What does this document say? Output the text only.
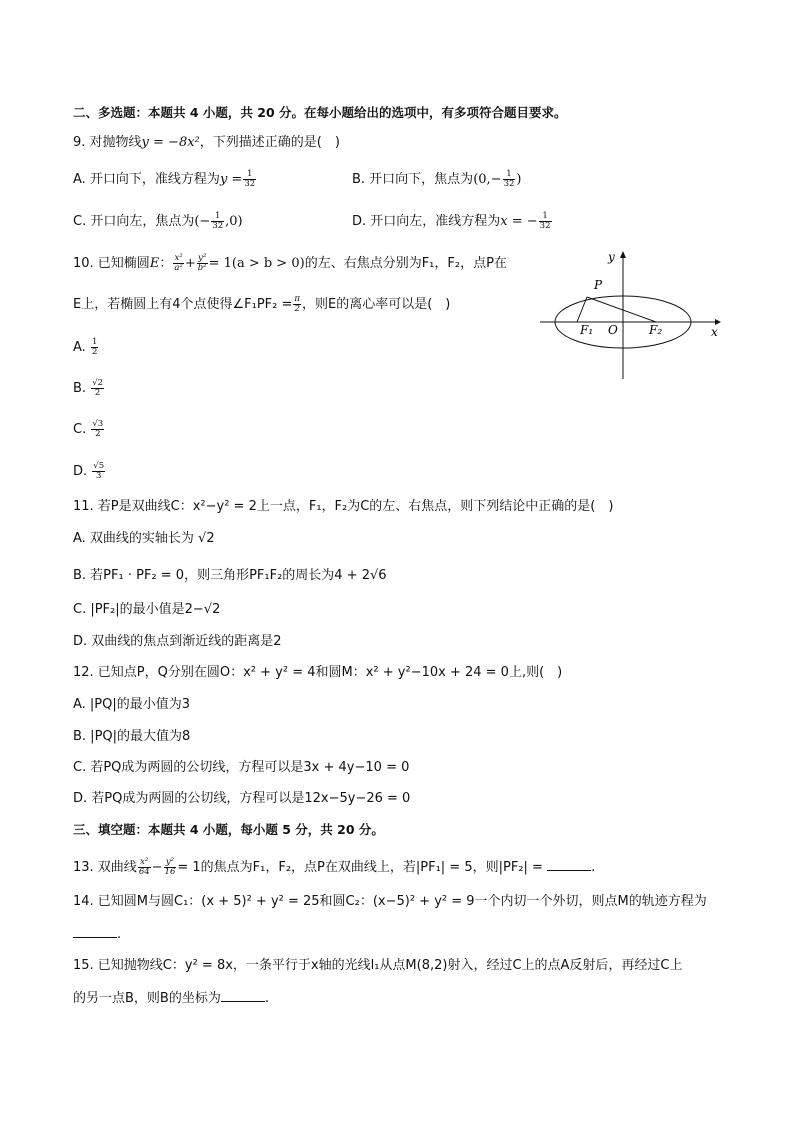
二、多选题：本题共 4 小题，共 20 分。在每小题给出的选项中，有多项符合题目要求。
9. 对抛物线y = −8x²，下列描述正确的是(　)
A. 开口向下，准线方程为$y = \frac{1}{32}$	B. 开口向下，焦点为($0,- \frac{1}{32}$ )
C. 开口向左，焦点为(− $\frac{1}{32} ,0$)	D. 开口向左，准线方程为x = − $\frac{1}{32}$
10. 已知椭圆E： $\frac{\text{x²}}{\text{a²}} + \frac{\text{y²}}{\text{b²}} = 1(a > b > 0)$的左、右焦点分别为F₁，F₂，点P在
E上，若椭圆上有4个点使得∠F₁PF₂ = $\frac{\pi}{2}$ ，则E的离心率可以是(　)
A. $\frac{1}{2}$
B. $\frac{√2}{2}$
C. $\frac{√3}{2}$
D. $\frac{√5}{3}$
y
x
P
O
F₁	F₂
11. 若P是双曲线C：x²−y² = 2上一点，F₁，F₂为C的左、右焦点，则下列结论中正确的是(　)
A. 双曲线的实轴长为 √2
B. 若PF₁ · PF₂ = 0，则三角形PF₁F₂的周长为4 + 2√6
C. |PF₂|的最小值是2−√2
D. 双曲线的焦点到渐近线的距离是2
12. 已知点P，Q分别在圆O：x² + y² = 4和圆M：x² + y²−10x + 24 = 0上,则(　)
A. |PQ|的最小值为3
B. |PQ|的最大值为8
C. 若PQ成为两圆的公切线，方程可以是3x + 4y−10 = 0
D. 若PQ成为两圆的公切线，方程可以是12x−5y−26 = 0
三、填空题：本题共 4 小题，每小题 5 分，共 20 分。
13. 双曲线 $\frac{\text{x²}}{64} - \frac{\text{y²}}{16} = 1$的焦点为F₁，F₂，点P在双曲线上，若|PF₁| = 5，则|PF₂| =	.
14. 已知圆M与圆C₁：(x + 5)² + y² = 25和圆C₂：(x−5)² + y² = 9一个内切一个外切，则点M的轨迹方程为
.
15. 已知抛物线C：y² = 8x，一条平行于x轴的光线l₁从点M(8,2)射入，经过C上的点A反射后，再经过C上
的另一点B，则B的坐标为	.
